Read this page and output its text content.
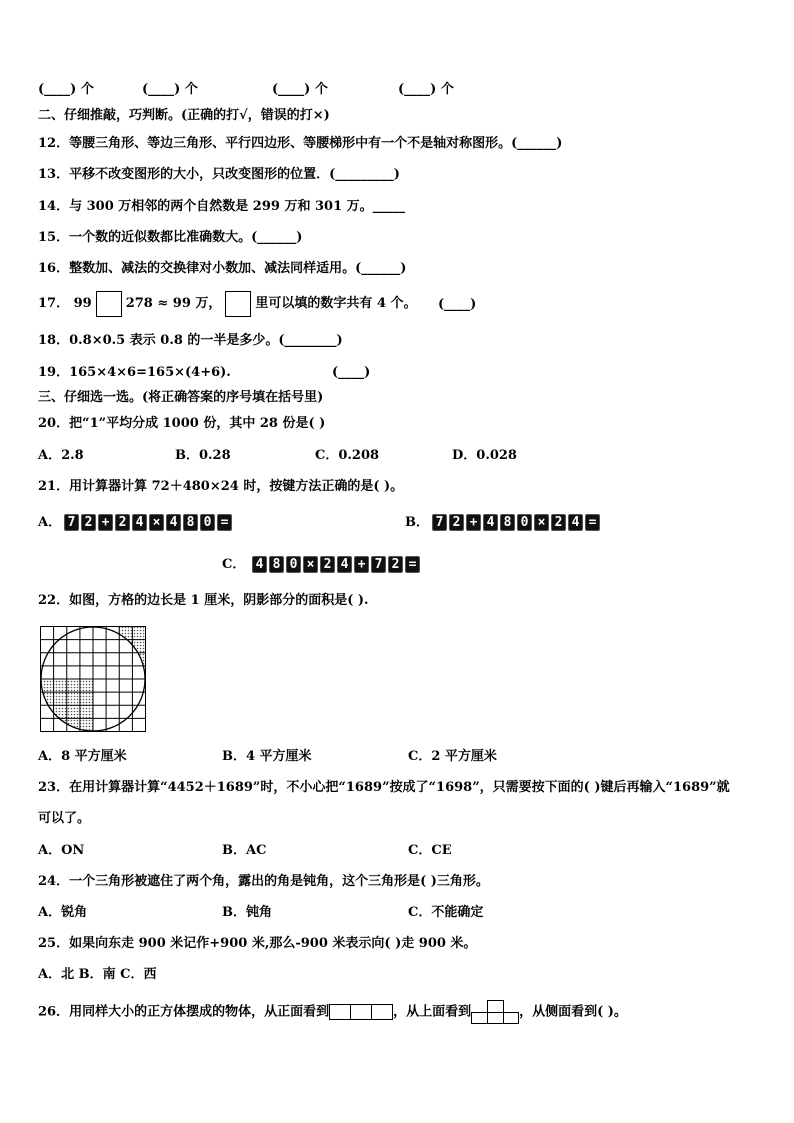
(____) 个	(____) 个	(____) 个	(____) 个
二、仔细推敲，巧判断。(正确的打√，错误的打×)
12．等腰三角形、等边三角形、平行四边形、等腰梯形中有一个不是轴对称图形。(______)
13．平移不改变图形的大小，只改变图形的位置．(_________)
14．与 300 万相邻的两个自然数是 299 万和 301 万。_____
15．一个数的近似数都比准确数大。(______)
16．整数加、减法的交换律对小数加、减法同样适用。(______)
17． 99	278 ≈ 99 万，	里可以填的数字共有 4 个。 (____)
18．0.8×0.5 表示 0.8 的一半是多少。(________)
19．165×4×6=165×(4+6).	(____)
三、仔细选一选。(将正确答案的序号填在括号里)
20．把“1”平均分成 1000 份，其中 28 份是( )
A．2.8	B．0.28	C．0.208	D．0.028
21．用计算器计算 72＋480×24 时，按键方法正确的是( )。
A． 7 2 + 2 4 × 4 8 0 =	B． 7 2 + 4 8 0 × 2 4 =
C． 4 8 0 × 2 4 + 7 2 =
22．如图，方格的边长是 1 厘米，阴影部分的面积是( ).
A．8 平方厘米	B．4 平方厘米	C．2 平方厘米
23．在用计算器计算“4452＋1689”时，不小心把“1689”按成了“1698”，只需要按下面的( )键后再输入“1689”就
可以了。
A．ON	B．AC	C．CE
24．一个三角形被遮住了两个角，露出的角是钝角，这个三角形是( )三角形。
A．锐角	B．钝角	C．不能确定
25．如果向东走 900 米记作+900 米,那么-900 米表示向( )走 900 米。
A．北 B．南 C．西
26．用同样大小的正方体摆成的物体，从正面看到	，从上面看到	，从侧面看到( )。
